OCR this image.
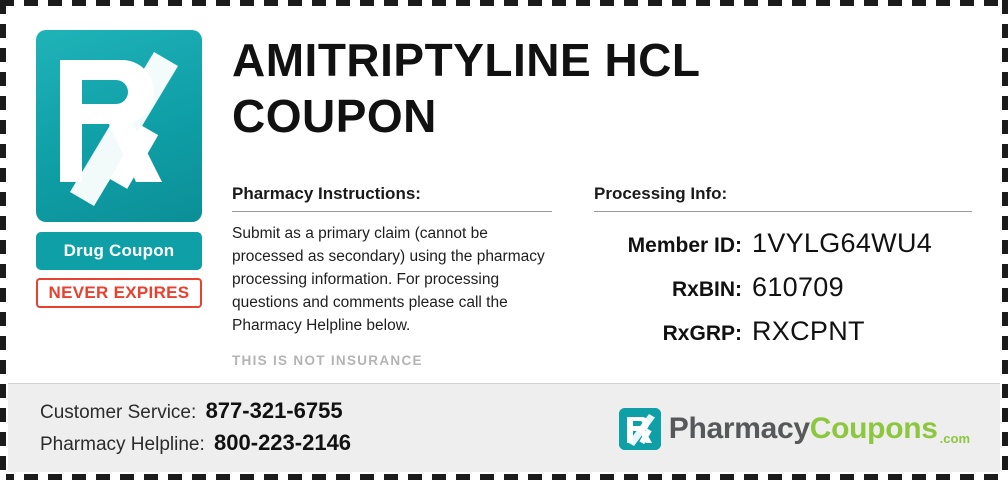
Drug Coupon
NEVER EXPIRES
AMITRIPTYLINE HCL
COUPON
Pharmacy Instructions:
Submit as a primary claim (cannot be processed as secondary) using the pharmacy processing information. For processing questions and comments please call the Pharmacy Helpline below.
THIS IS NOT INSURANCE
Processing Info:
Member ID: 1VYLG64WU4
RxBIN: 610709
RxGRP: RXCPNT
Customer Service: 877-321-6755
Pharmacy Helpline: 800-223-2146	Pharmacy Coupons .com
